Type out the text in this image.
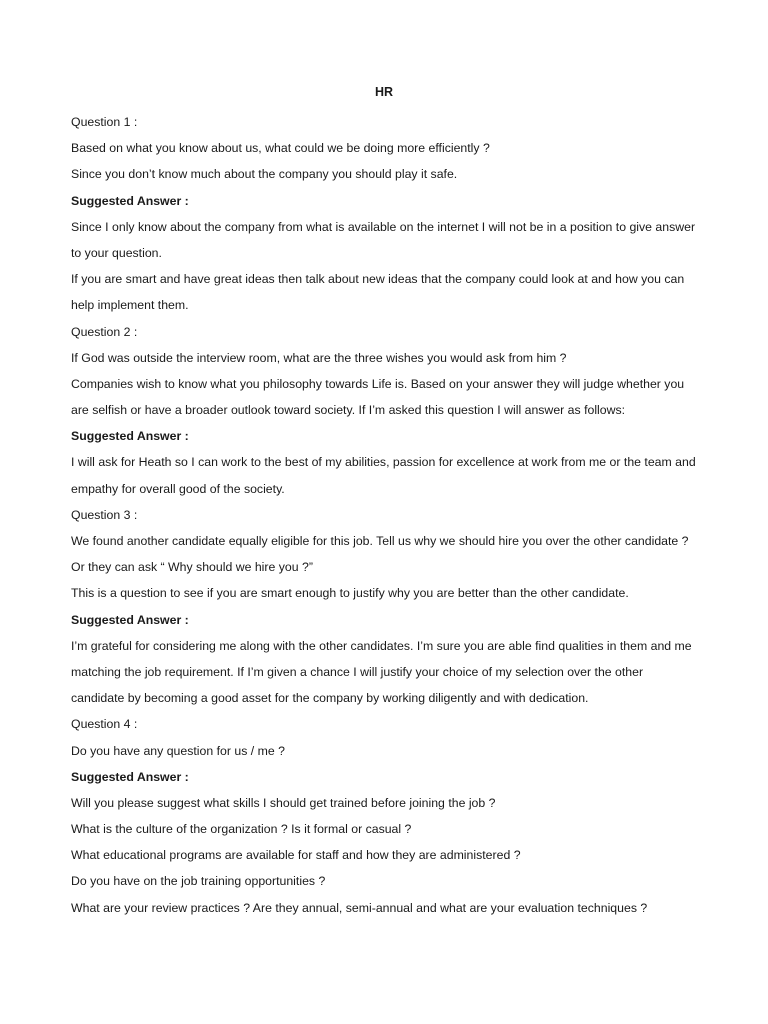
HR
Question 1 :
Based on what you know about us, what could we be doing more efficiently ?
Since you don’t know much about the company you should play it safe.
Suggested Answer :
Since I only know about the company from what is available on the internet I will not be in a position to give answer
to your question.
If you are smart and have great ideas then talk about new ideas that the company could look at and how you can
help implement them.
Question 2 :
If God was outside the interview room, what are the three wishes you would ask from him ?
Companies wish to know what you philosophy towards Life is. Based on your answer they will judge whether you
are selfish or have a broader outlook toward society. If I’m asked this question I will answer as follows:
Suggested Answer :
I will ask for Heath so I can work to the best of my abilities, passion for excellence at work from me or the team and
empathy for overall good of the society.
Question 3 :
We found another candidate equally eligible for this job. Tell us why we should hire you over the other candidate ?
Or they can ask “ Why should we hire you ?”
This is a question to see if you are smart enough to justify why you are better than the other candidate.
Suggested Answer :
I’m grateful for considering me along with the other candidates. I’m sure you are able find qualities in them and me
matching the job requirement. If I’m given a chance I will justify your choice of my selection over the other
candidate by becoming a good asset for the company by working diligently and with dedication.
Question 4 :
Do you have any question for us / me ?
Suggested Answer :
Will you please suggest what skills I should get trained before joining the job ?
What is the culture of the organization ? Is it formal or casual ?
What educational programs are available for staff and how they are administered ?
Do you have on the job training opportunities ?
What are your review practices ? Are they annual, semi-annual and what are your evaluation techniques ?
